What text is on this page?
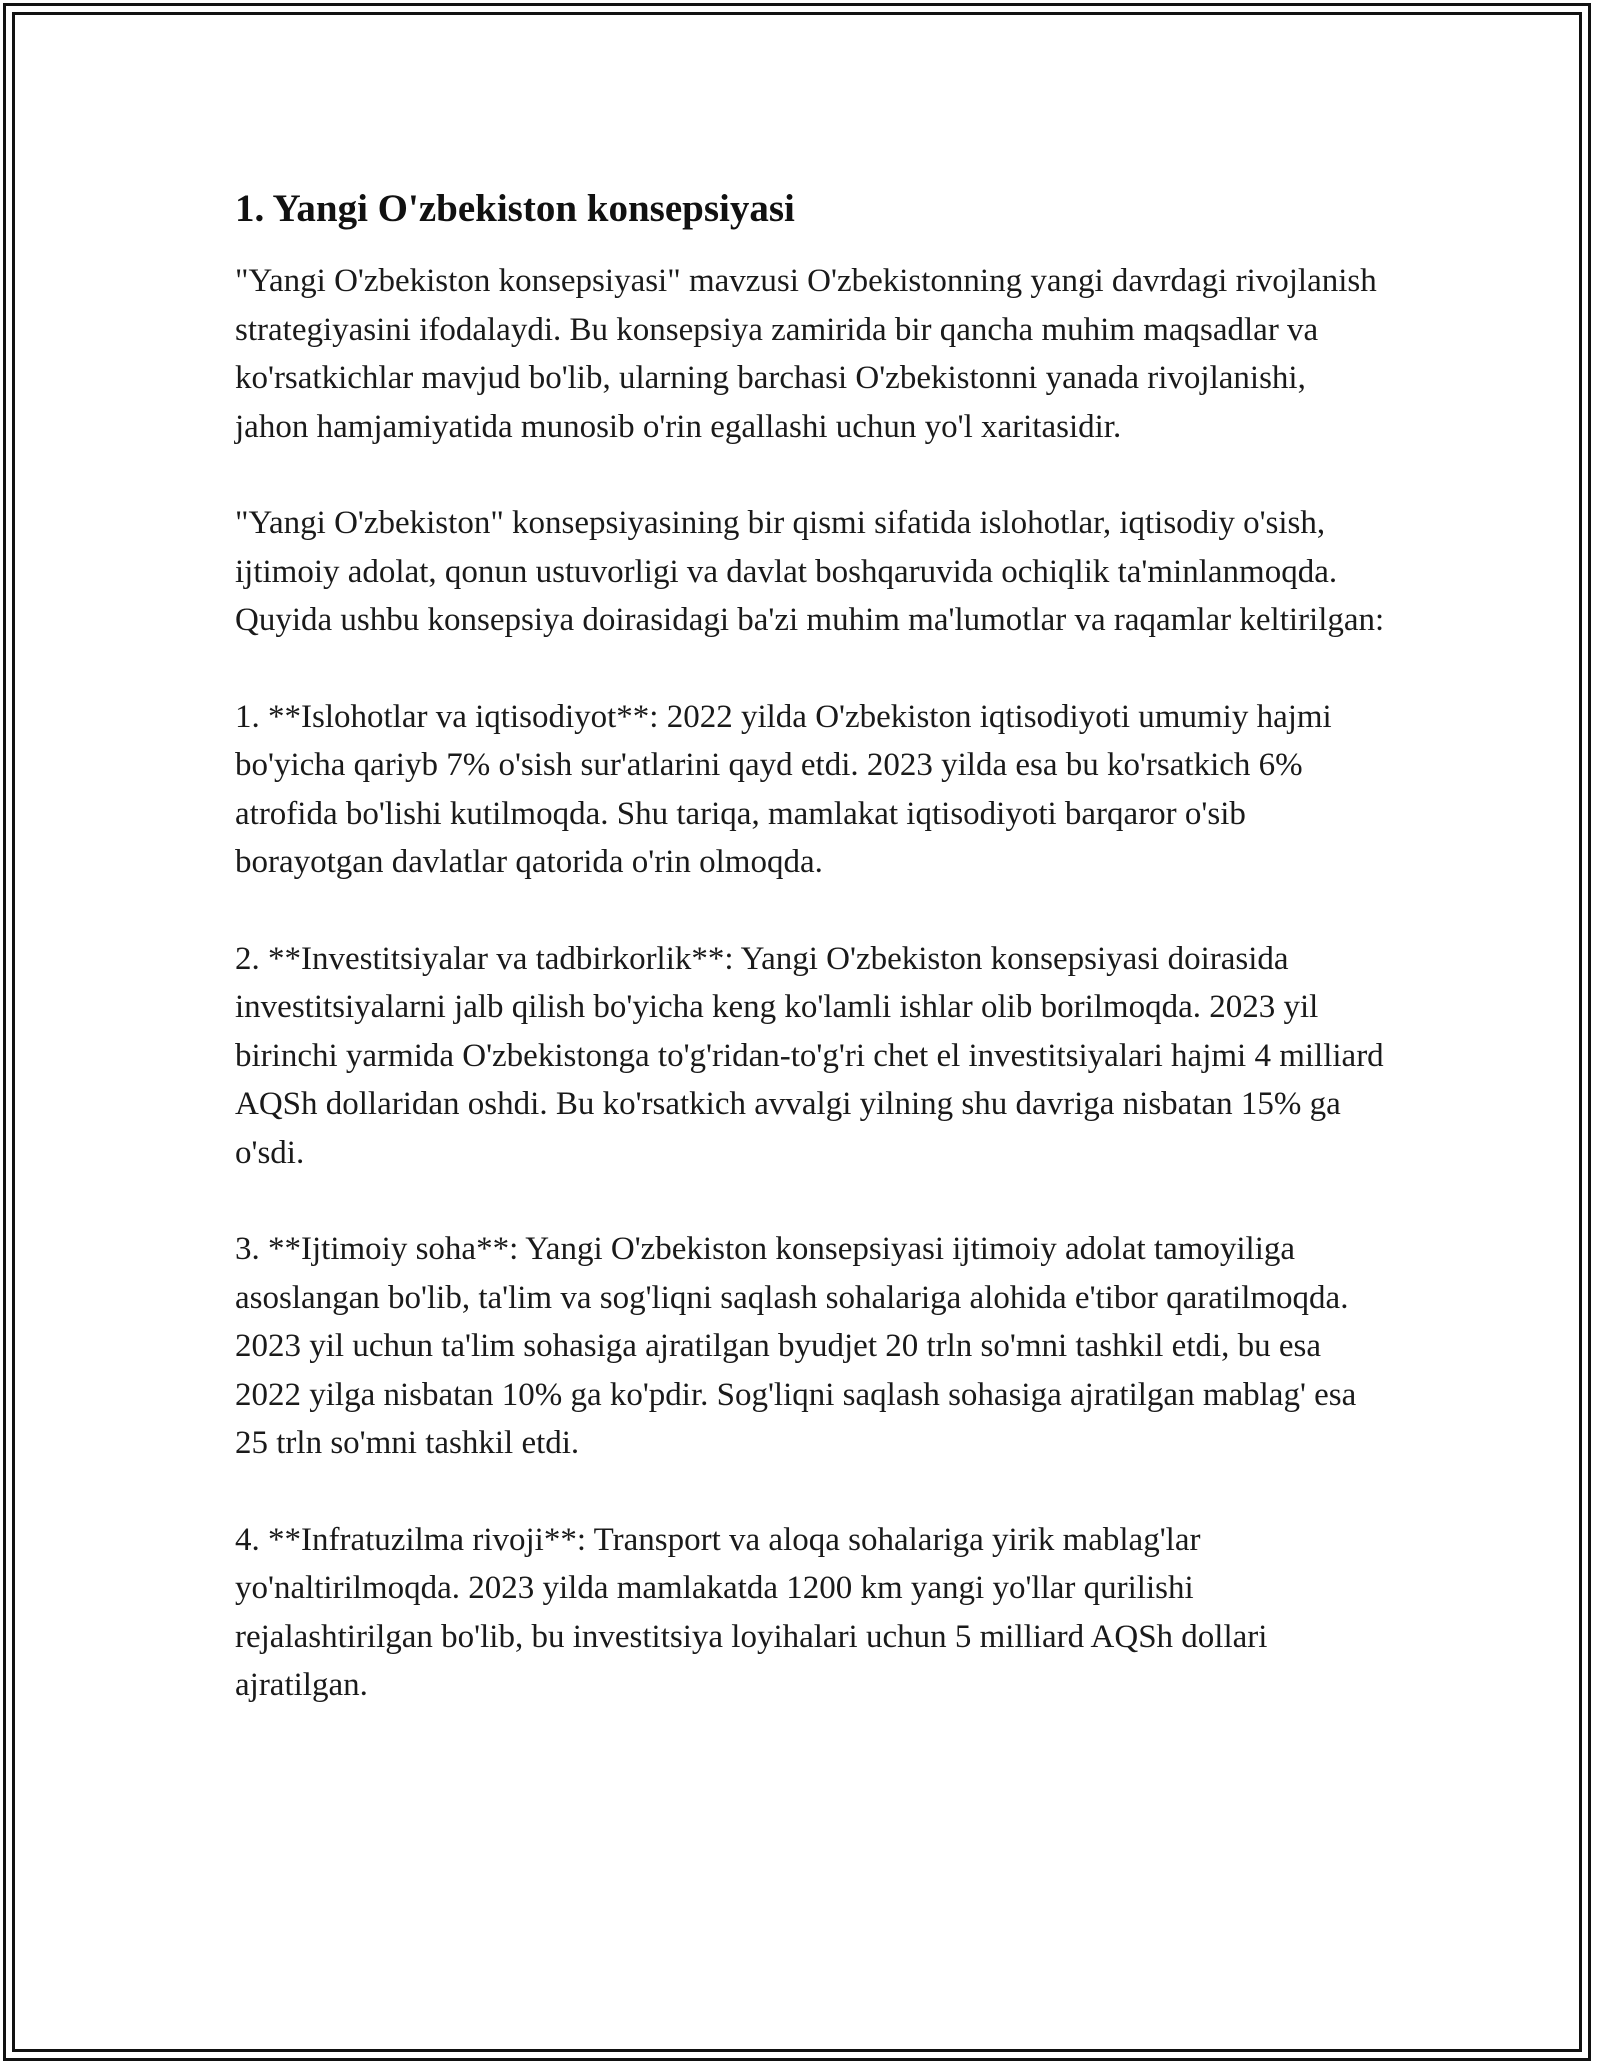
1. Yangi O'zbekiston konsepsiyasi

"Yangi O'zbekiston konsepsiyasi" mavzusi O'zbekistonning yangi davrdagi rivojlanish strategiyasini ifodalaydi. Bu konsepsiya zamirida bir qancha muhim maqsadlar va ko'rsatkichlar mavjud bo'lib, ularning barchasi O'zbekistonni yanada rivojlanishi, jahon hamjamiyatida munosib o'rin egallashi uchun yo'l xaritasidir.

"Yangi O'zbekiston" konsepsiyasining bir qismi sifatida islohotlar, iqtisodiy o'sish, ijtimoiy adolat, qonun ustuvorligi va davlat boshqaruvida ochiqlik ta'minlanmoqda. Quyida ushbu konsepsiya doirasidagi ba'zi muhim ma'lumotlar va raqamlar keltirilgan:

1. **Islohotlar va iqtisodiyot**: 2022 yilda O'zbekiston iqtisodiyoti umumiy hajmi bo'yicha qariyb 7% o'sish sur'atlarini qayd etdi. 2023 yilda esa bu ko'rsatkich 6% atrofida bo'lishi kutilmoqda. Shu tariqa, mamlakat iqtisodiyoti barqaror o'sib borayotgan davlatlar qatorida o'rin olmoqda.

2. **Investitsiyalar va tadbirkorlik**: Yangi O'zbekiston konsepsiyasi doirasida investitsiyalarni jalb qilish bo'yicha keng ko'lamli ishlar olib borilmoqda. 2023 yil birinchi yarmida O'zbekistonga to'g'ridan-to'g'ri chet el investitsiyalari hajmi 4 milliard AQSh dollaridan oshdi. Bu ko'rsatkich avvalgi yilning shu davriga nisbatan 15% ga o'sdi.

3. **Ijtimoiy soha**: Yangi O'zbekiston konsepsiyasi ijtimoiy adolat tamoyiliga asoslangan bo'lib, ta'lim va sog'liqni saqlash sohalariga alohida e'tibor qaratilmoqda. 2023 yil uchun ta'lim sohasiga ajratilgan byudjet 20 trln so'mni tashkil etdi, bu esa 2022 yilga nisbatan 10% ga ko'pdir. Sog'liqni saqlash sohasiga ajratilgan mablag' esa 25 trln so'mni tashkil etdi.

4. **Infratuzilma rivoji**: Transport va aloqa sohalariga yirik mablag'lar yo'naltirilmoqda. 2023 yilda mamlakatda 1200 km yangi yo'llar qurilishi rejalashtirilgan bo'lib, bu investitsiya loyihalari uchun 5 milliard AQSh dollari ajratilgan.
